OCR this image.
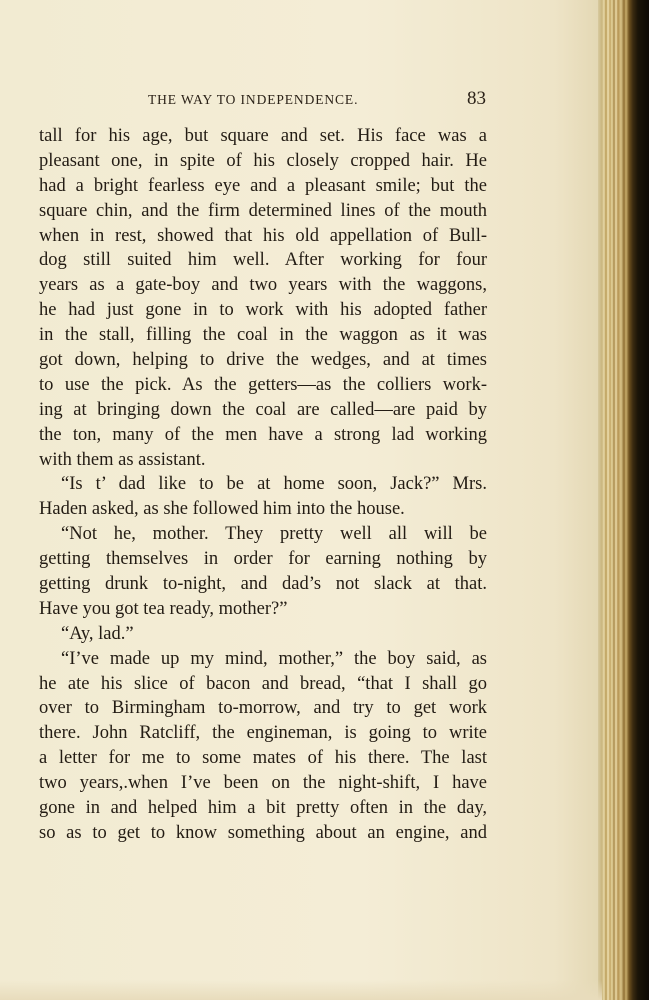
THE WAY TO INDEPENDENCE.	83
tall for his age, but square and set. His face was a
pleasant one, in spite of his closely cropped hair. He
had a bright fearless eye and a pleasant smile; but the
square chin, and the firm determined lines of the mouth
when in rest, showed that his old appellation of Bull-
dog still suited him well. After working for four
years as a gate-boy and two years with the waggons,
he had just gone in to work with his adopted father
in the stall, filling the coal in the waggon as it was
got down, helping to drive the wedges, and at times
to use the pick. As the getters—as the colliers work-
ing at bringing down the coal are called—are paid by
the ton, many of the men have a strong lad working
with them as assistant.
“Is t’ dad like to be at home soon, Jack?” Mrs.
Haden asked, as she followed him into the house.
“Not he, mother. They pretty well all will be
getting themselves in order for earning nothing by
getting drunk to-night, and dad’s not slack at that.
Have you got tea ready, mother?”
“Ay, lad.”
“I’ve made up my mind, mother,” the boy said, as
he ate his slice of bacon and bread, “that I shall go
over to Birmingham to-morrow, and try to get work
there. John Ratcliff, the engineman, is going to write
a letter for me to some mates of his there. The last
two years,.when I’ve been on the night-shift, I have
gone in and helped him a bit pretty often in the day,
so as to get to know something about an engine, and
